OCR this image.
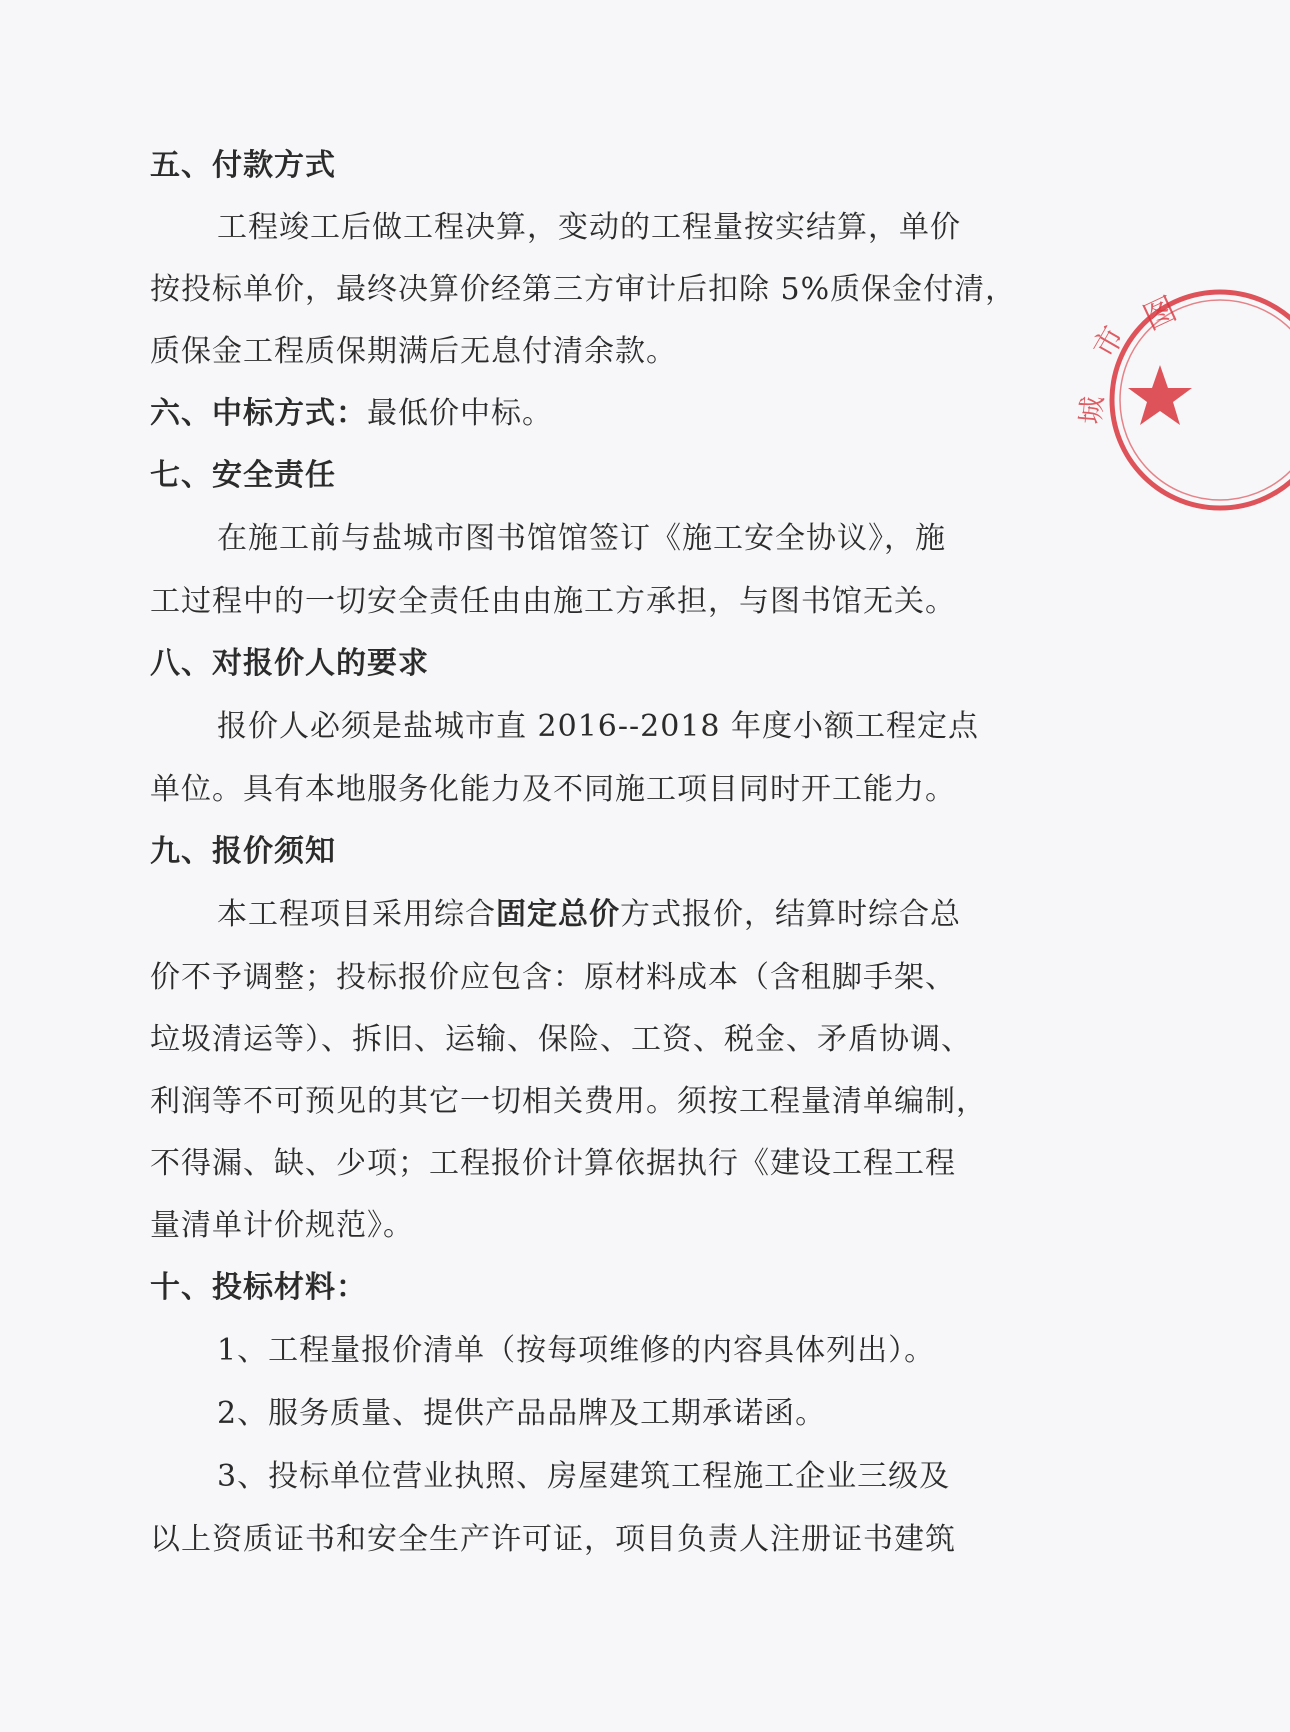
五、付款方式
工程竣工后做工程决算，变动的工程量按实结算，单价
按投标单价，最终决算价经第三方审计后扣除 5%质保金付清，
质保金工程质保期满后无息付清余款。
六、中标方式：最低价中标。
七、安全责任
在施工前与盐城市图书馆馆签订《施工安全协议》，施
工过程中的一切安全责任由由施工方承担，与图书馆无关。
八、对报价人的要求
报价人必须是盐城市直 2016--2018 年度小额工程定点
单位。具有本地服务化能力及不同施工项目同时开工能力。
九、报价须知
本工程项目采用综合固定总价方式报价，结算时综合总
价不予调整；投标报价应包含：原材料成本（含租脚手架、
垃圾清运等）、拆旧、运输、保险、工资、税金、矛盾协调、
利润等不可预见的其它一切相关费用。须按工程量清单编制，
不得漏、缺、少项；工程报价计算依据执行《建设工程工程
量清单计价规范》。
十、投标材料：
1、工程量报价清单（按每项维修的内容具体列出）。
2、服务质量、提供产品品牌及工期承诺函。
3、投标单位营业执照、房屋建筑工程施工企业三级及
以上资质证书和安全生产许可证，项目负责人注册证书建筑
市
城
图
